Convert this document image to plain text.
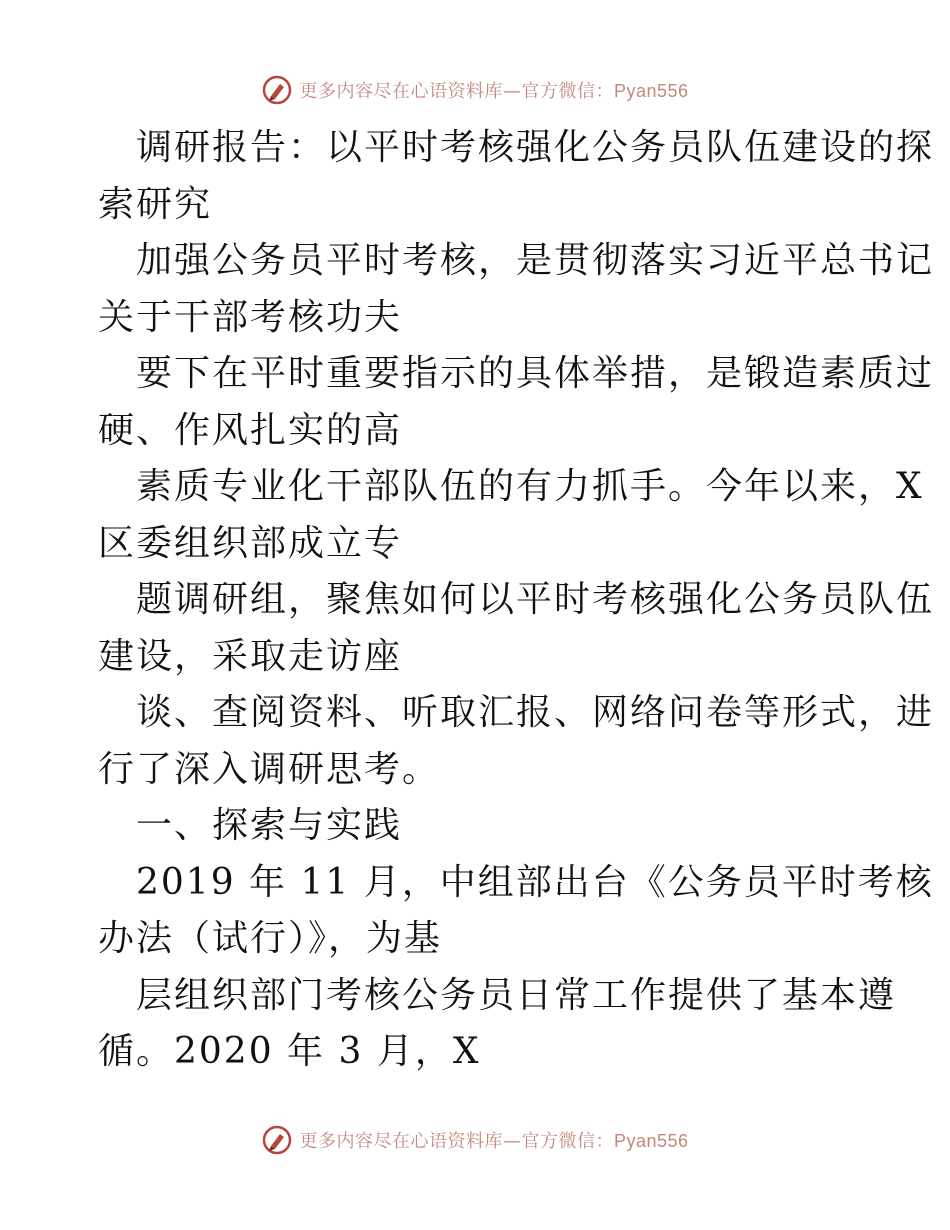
更多内容尽在心语资料库—官方微信：Pyan556
调研报告：以平时考核强化公务员队伍建设的探
索研究
加强公务员平时考核，是贯彻落实习近平总书记
关于干部考核功夫
要下在平时重要指示的具体举措，是锻造素质过
硬、作风扎实的高
素质专业化干部队伍的有力抓手。今年以来，X
区委组织部成立专
题调研组，聚焦如何以平时考核强化公务员队伍
建设，采取走访座
谈、查阅资料、听取汇报、网络问卷等形式，进
行了深入调研思考。
一、探索与实践
2019 年 11 月，中组部出台《公务员平时考核
办法（试行）》，为基
层组织部门考核公务员日常工作提供了基本遵
循。2020 年 3 月，X
更多内容尽在心语资料库—官方微信：Pyan556
